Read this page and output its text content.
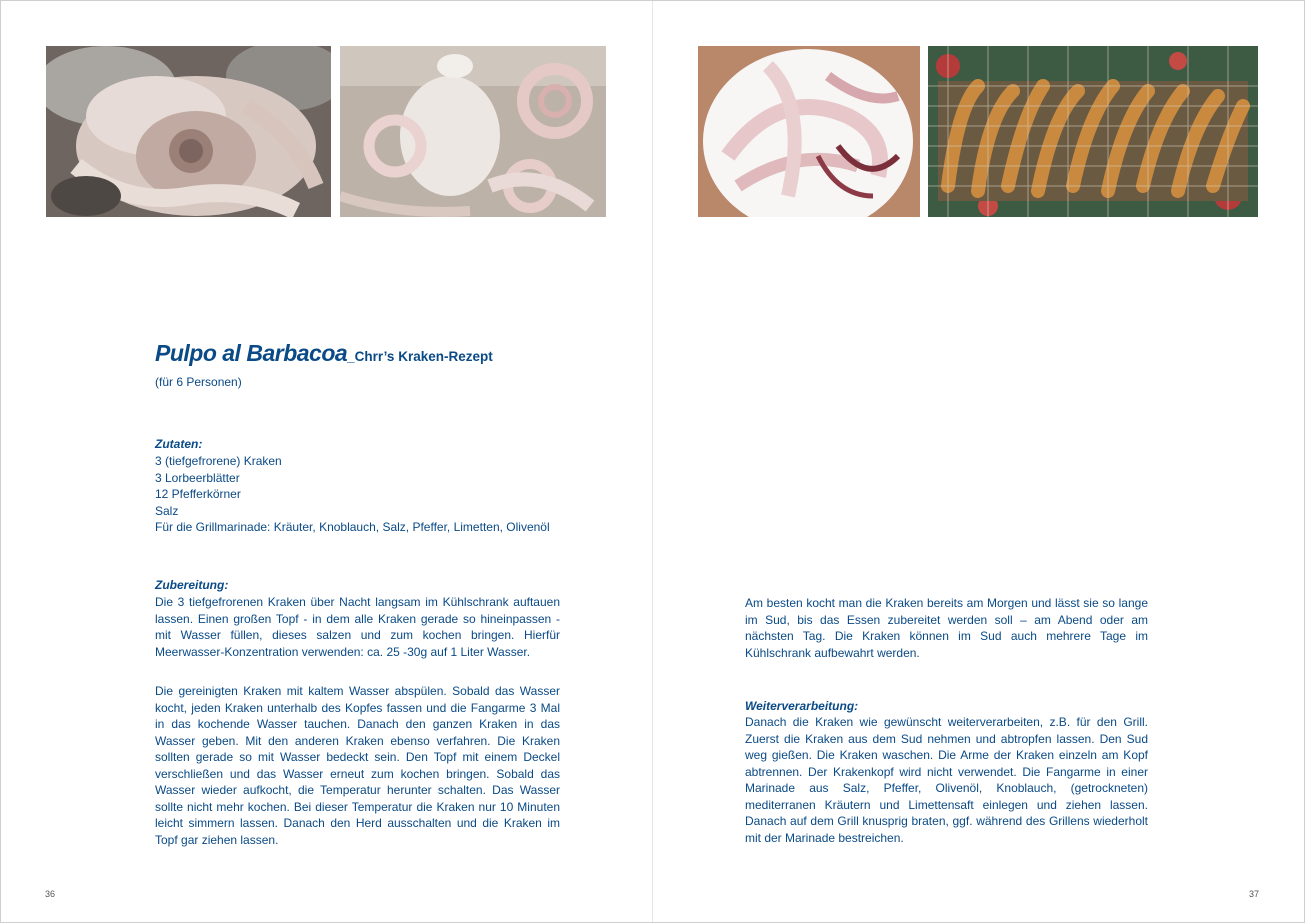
Pulpo al Barbacoa_Chrr’s Kraken-Rezept
(für 6 Personen)
Zutaten:
3 (tiefgefrorene) Kraken
3 Lorbeerblätter
12 Pfefferkörner
Salz
Für die Grillmarinade: Kräuter, Knoblauch, Salz, Pfeffer, Limetten, Olivenöl
Zubereitung:
Die 3 tiefgefrorenen Kraken über Nacht langsam im Kühlschrank auftauen lassen. Einen großen Topf - in dem alle Kraken gerade so hineinpassen - mit Wasser füllen, dieses salzen und zum kochen bringen. Hierfür Meerwasser-Konzentration verwenden: ca. 25 -30g auf 1 Liter Wasser.
Die gereinigten Kraken mit kaltem Wasser abspülen. Sobald das Wasser kocht, jeden Kraken unterhalb des Kopfes fassen und die Fangarme 3 Mal in das kochende Wasser tauchen. Danach den ganzen Kraken in das Wasser geben. Mit den anderen Kraken ebenso verfahren. Die Kraken sollten gerade so mit Wasser bedeckt sein. Den Topf mit einem Deckel verschließen und das Wasser erneut zum kochen bringen. Sobald das Wasser wieder aufkocht, die Temperatur herunter schalten. Das Wasser sollte nicht mehr kochen. Bei dieser Temperatur die Kraken nur 10 Minuten leicht simmern lassen. Danach den Herd ausschalten und die Kraken im Topf gar ziehen lassen.
Am besten kocht man die Kraken bereits am Morgen und lässt sie so lange im Sud, bis das Essen zubereitet werden soll – am Abend oder am nächsten Tag. Die Kraken können im Sud auch mehrere Tage im Kühlschrank aufbewahrt werden.
Weiterverarbeitung:
Danach die Kraken wie gewünscht weiterverarbeiten, z.B. für den Grill. Zuerst die Kraken aus dem Sud nehmen und abtropfen lassen. Den Sud weg gießen. Die Kraken waschen. Die Arme der Kraken einzeln am Kopf abtrennen. Der Krakenkopf wird nicht verwendet. Die Fangarme in einer Marinade aus Salz, Pfeffer, Olivenöl, Knoblauch, (getrockneten) mediterranen Kräutern und Limettensaft einlegen und ziehen lassen. Danach auf dem Grill knusprig braten, ggf. während des Grillens wiederholt mit der Marinade bestreichen.
36	37
